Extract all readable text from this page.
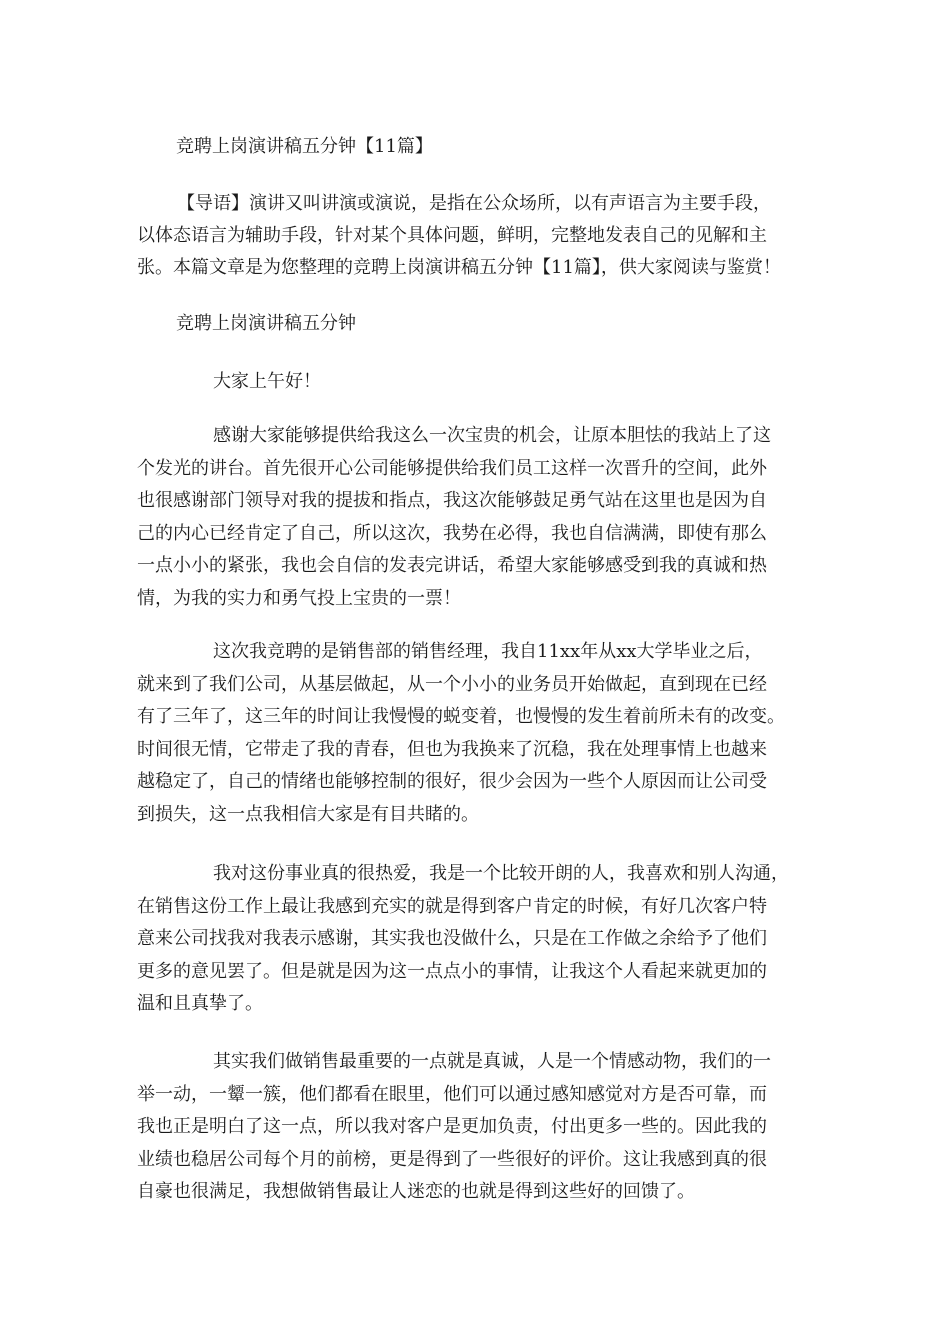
竞聘上岗演讲稿五分钟【11篇】
【导语】演讲又叫讲演或演说，是指在公众场所，以有声语言为主要手段，
以体态语言为辅助手段，针对某个具体问题，鲜明，完整地发表自己的见解和主
张。本篇文章是为您整理的竞聘上岗演讲稿五分钟【11篇】，供大家阅读与鉴赏！
竞聘上岗演讲稿五分钟
大家上午好！
感谢大家能够提供给我这么一次宝贵的机会，让原本胆怯的我站上了这
个发光的讲台。首先很开心公司能够提供给我们员工这样一次晋升的空间，此外
也很感谢部门领导对我的提拔和指点，我这次能够鼓足勇气站在这里也是因为自
己的内心已经肯定了自己，所以这次，我势在必得，我也自信满满，即使有那么
一点小小的紧张，我也会自信的发表完讲话，希望大家能够感受到我的真诚和热
情，为我的实力和勇气投上宝贵的一票！
这次我竞聘的是销售部的销售经理，我自11xx年从xx大学毕业之后，
就来到了我们公司，从基层做起，从一个小小的业务员开始做起，直到现在已经
有了三年了，这三年的时间让我慢慢的蜕变着，也慢慢的发生着前所未有的改变。
时间很无情，它带走了我的青春，但也为我换来了沉稳，我在处理事情上也越来
越稳定了，自己的情绪也能够控制的很好，很少会因为一些个人原因而让公司受
到损失，这一点我相信大家是有目共睹的。
我对这份事业真的很热爱，我是一个比较开朗的人，我喜欢和别人沟通，
在销售这份工作上最让我感到充实的就是得到客户肯定的时候，有好几次客户特
意来公司找我对我表示感谢，其实我也没做什么，只是在工作做之余给予了他们
更多的意见罢了。但是就是因为这一点点小的事情，让我这个人看起来就更加的
温和且真挚了。
其实我们做销售最重要的一点就是真诚，人是一个情感动物，我们的一
举一动，一颦一簇，他们都看在眼里，他们可以通过感知感觉对方是否可靠，而
我也正是明白了这一点，所以我对客户是更加负责，付出更多一些的。因此我的
业绩也稳居公司每个月的前榜，更是得到了一些很好的评价。这让我感到真的很
自豪也很满足，我想做销售最让人迷恋的也就是得到这些好的回馈了。
